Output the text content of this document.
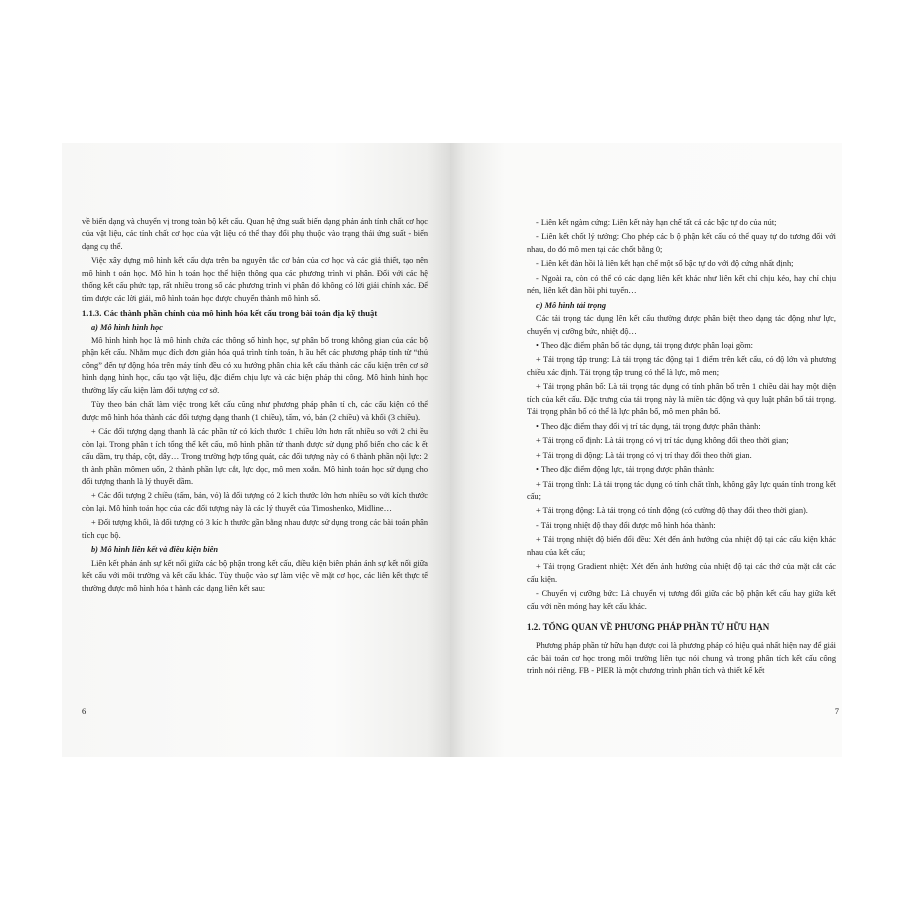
về biến dạng và chuyển vị trong toàn bộ kết cấu. Quan hệ ứng suất biến dạng phản ánh tính chất cơ học của vật liệu, các tính chất cơ học của vật liệu có thể thay đổi phụ thuộc vào trạng thái ứng suất - biến dạng cụ thể.
Việc xây dựng mô hình kết cấu dựa trên ba nguyên tắc cơ bản của cơ học và các giả thiết, tạo nên mô hình t oán học. Mô hìn h toán học thể hiện thông qua các phương trình vi phân. Đối với các hệ thống kết cấu phức tạp, rất nhiều trong số các phương trình vi phân đó không có lời giải chính xác. Để tìm được các lời giải, mô hình toán học được chuyển thành mô hình số.
1.1.3. Các thành phần chính của mô hình hóa kết cấu trong bài toán địa kỹ thuật
a) Mô hình hình học
Mô hình hình học là mô hình chứa các thông số hình học, sự phân bố trong không gian của các bộ phận kết cấu. Nhằm mục đích đơn giản hóa quá trình tính toán, h ầu hết các phương pháp tính từ “thủ công” đến tự động hóa trên máy tính đều có xu hướng phân chia kết cấu thành các cấu kiện trên cơ sở hình dạng hình học, cấu tạo vật liệu, đặc điểm chịu lực và các biện pháp thi công. Mô hình hình học thường lấy cấu kiện làm đối tượng cơ sở.
Tùy theo bản chất làm việc trong kết cấu cũng như phương pháp phân tí ch, các cấu kiện có thể được mô hình hóa thành các đối tượng dạng thanh (1 chiều), tấm, vỏ, bản (2 chiều) và khối (3 chiều).
+ Các đối tượng dạng thanh là các phần tử có kích thước 1 chiều lớn hơn rất nhiều so với 2 chi ều còn lại. Trong phân t ích tổng thể kết cấu, mô hình phần tử thanh được sử dụng phổ biến cho các k ết cấu dầm, trụ tháp, cột, dây… Trong trường hợp tổng quát, các đối tượng này có 6 thành phần nội lực: 2 th ành phần mômen uốn, 2 thành phần lực cắt, lực dọc, mô men xoắn. Mô hình toán học sử dụng cho đối tượng thanh là lý thuyết dầm.
+ Các đối tượng 2 chiều (tấm, bản, vỏ) là đối tượng có 2 kích thước lớn hơn nhiều so với kích thước còn lại. Mô hình toán học của các đối tượng này là các lý thuyết của Timoshenko, Midline…
+ Đối tượng khối, là đối tượng có 3 kíc h thước gần bằng nhau được sử dụng trong các bài toán phân tích cục bộ.
b) Mô hình liên kết và điều kiện biên
Liên kết phản ánh sự kết nối giữa các bộ phận trong kết cấu, điều kiện biên phản ánh sự kết nối giữa kết cấu với môi trường và kết cấu khác. Tùy thuộc vào sự làm việc về mặt cơ học, các liên kết thực tế thường được mô hình hóa t hành các dạng liên kết sau:
6
- Liên kết ngàm cứng: Liên kết này hạn chế tất cả các bậc tự do của nút;
- Liên kết chốt lý tưởng: Cho phép các b ộ phận kết cấu có thể quay tự do tương đối với nhau, do đó mô men tại các chốt bằng 0;
- Liên kết đàn hồi là liên kết hạn chế một số bậc tự do với độ cứng nhất định;
- Ngoài ra, còn có thể có các dạng liên kết khác như liên kết chỉ chịu kéo, hay chỉ chịu nén, liên kết đàn hồi phi tuyến…
c) Mô hình tải trọng
Các tải trọng tác dụng lên kết cấu thường được phân biệt theo dạng tác động như lực, chuyển vị cưỡng bức, nhiệt độ…
• Theo đặc điểm phân bố tác dụng, tải trọng được phân loại gồm:
+ Tải trọng tập trung: Là tải trọng tác động tại 1 điểm trên kết cấu, có độ lớn và phương chiều xác định. Tải trọng tập trung có thể là lực, mô men;
+ Tải trọng phân bố: Là tải trọng tác dụng có tính phân bố trên 1 chiều dài hay một diện tích của kết cấu. Đặc trưng của tải trọng này là miền tác động và quy luật phân bố tải trọng. Tải trọng phân bố có thể là lực phân bố, mô men phân bố.
• Theo đặc điểm thay đổi vị trí tác dụng, tải trọng được phân thành:
+ Tải trọng cố định: Là tải trọng có vị trí tác dụng không đổi theo thời gian;
+ Tải trọng di động: Là tải trọng có vị trí thay đổi theo thời gian.
• Theo đặc điểm động lực, tải trọng được phân thành:
+ Tải trọng tĩnh: Là tải trọng tác dụng có tính chất tĩnh, không gây lực quán tính trong kết cấu;
+ Tải trọng động: Là tải trọng có tính động (có cường độ thay đổi theo thời gian).
- Tải trọng nhiệt độ thay đổi được mô hình hóa thành:
+ Tải trọng nhiệt độ biến đổi đều: Xét đến ảnh hưởng của nhiệt độ tại các cấu kiện khác nhau của kết cấu;
+ Tải trọng Gradient nhiệt: Xét đến ảnh hưởng của nhiệt độ tại các thớ của mặt cắt các cấu kiện.
- Chuyển vị cưỡng bức: Là chuyển vị tương đối giữa các bộ phận kết cấu hay giữa kết cấu với nền móng hay kết cấu khác.
1.2. TỔNG QUAN VỀ PHƯƠNG PHÁP PHẦN TỬ HỮU HẠN
Phương pháp phần tử hữu hạn được coi là phương pháp có hiệu quả nhất hiện nay để giải các bài toán cơ học trong môi trường liên tục nói chung và trong phân tích kết cấu công trình nói riêng. FB - PIER là một chương trình phân tích và thiết kế kết
7
